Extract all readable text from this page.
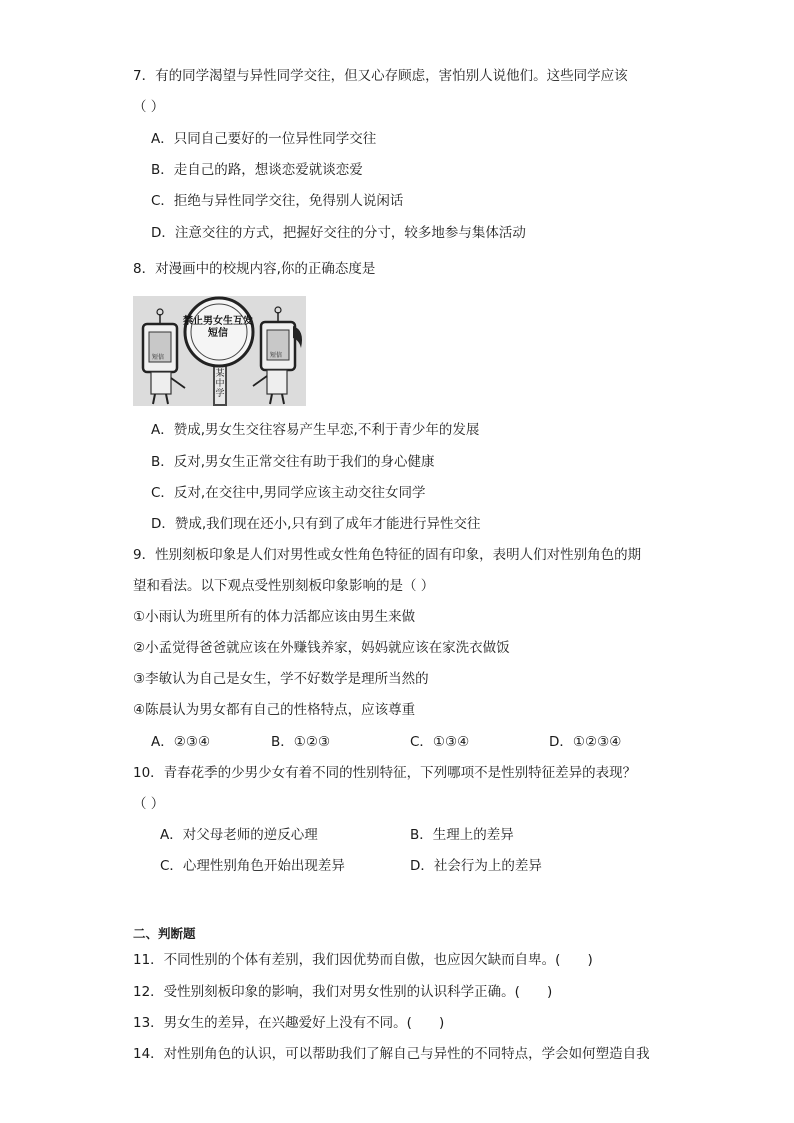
7．有的同学渴望与异性同学交往，但又心存顾虑，害怕别人说他们。这些同学应该
（ ）
A．只同自己要好的一位异性同学交往
B．走自己的路，想谈恋爱就谈恋爱
C．拒绝与异性同学交往，免得别人说闲话
D．注意交往的方式，把握好交往的分寸，较多地参与集体活动
8．对漫画中的校规内容,你的正确态度是
禁止男女生互发短信
某中学
短信	短信
A．赞成,男女生交往容易产生早恋,不利于青少年的发展
B．反对,男女生正常交往有助于我们的身心健康
C．反对,在交往中,男同学应该主动交往女同学
D．赞成,我们现在还小,只有到了成年才能进行异性交往
9．性别刻板印象是人们对男性或女性角色特征的固有印象，表明人们对性别角色的期
望和看法。以下观点受性别刻板印象影响的是（ ）
①小雨认为班里所有的体力活都应该由男生来做
②小孟觉得爸爸就应该在外赚钱养家，妈妈就应该在家洗衣做饭
③李敏认为自己是女生，学不好数学是理所当然的
④陈晨认为男女都有自己的性格特点，应该尊重
A．②③④	B．①②③	C．①③④	D．①②③④
10．青春花季的少男少女有着不同的性别特征，下列哪项不是性别特征差异的表现？
（ ）
A．对父母老师的逆反心理	B．生理上的差异
C．心理性别角色开始出现差异	D．社会行为上的差异
二、判断题
11．不同性别的个体有差别，我们因优势而自傲，也应因欠缺而自卑。(　　)
12．受性别刻板印象的影响，我们对男女性别的认识科学正确。(　　)
13．男女生的差异，在兴趣爱好上没有不同。(　　)
14．对性别角色的认识，可以帮助我们了解自己与异性的不同特点，学会如何塑造自我
